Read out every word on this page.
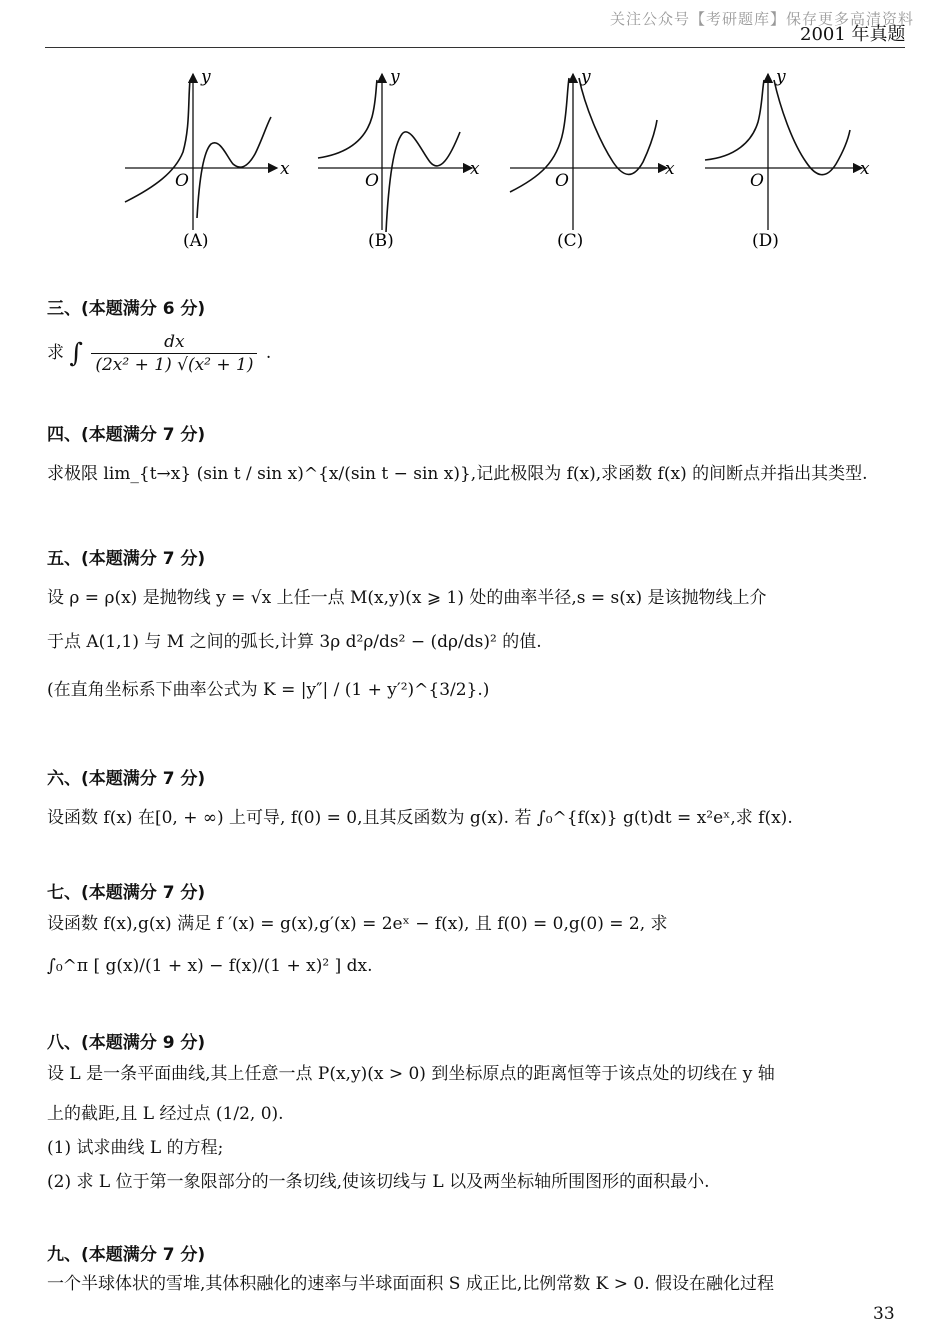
关注公众号【考研题库】保存更多高清资料
2001 年真题
x
y
O
(A)
x
y
O
(B)
x
y
O
(C)
x
y
O
(D)
三、(本题满分 6 分)
求 ∫ $\frac{dx}{\text{(2x² + 1) √(x² + 1)}}$ .
四、(本题满分 7 分)
求极限 lim_{t→x} (sin t / sin x)^{x/(sin t − sin x)},记此极限为 f(x),求函数 f(x) 的间断点并指出其类型.
五、(本题满分 7 分)
设 ρ = ρ(x) 是抛物线 y = √x 上任一点 M(x,y)(x ⩾ 1) 处的曲率半径,s = s(x) 是该抛物线上介
于点 A(1,1) 与 M 之间的弧长,计算 3ρ d²ρ/ds² − (dρ/ds)² 的值.
(在直角坐标系下曲率公式为 K = |y″| / (1 + y′²)^{3/2}.)
六、(本题满分 7 分)
设函数 f(x) 在[0, + ∞) 上可导, f(0) = 0,且其反函数为 g(x). 若 ∫₀^{f(x)} g(t)dt = x²eˣ,求 f(x).
七、(本题满分 7 分)
设函数 f(x),g(x) 满足 f ′(x) = g(x),g′(x) = 2eˣ − f(x), 且 f(0) = 0,g(0) = 2, 求
∫₀^π [ g(x)/(1 + x) − f(x)/(1 + x)² ] dx.
八、(本题满分 9 分)
设 L 是一条平面曲线,其上任意一点 P(x,y)(x > 0) 到坐标原点的距离恒等于该点处的切线在 y 轴
上的截距,且 L 经过点 (1/2, 0).
(1) 试求曲线 L 的方程;
(2) 求 L 位于第一象限部分的一条切线,使该切线与 L 以及两坐标轴所围图形的面积最小.
九、(本题满分 7 分)
一个半球体状的雪堆,其体积融化的速率与半球面面积 S 成正比,比例常数 K > 0. 假设在融化过程
33
